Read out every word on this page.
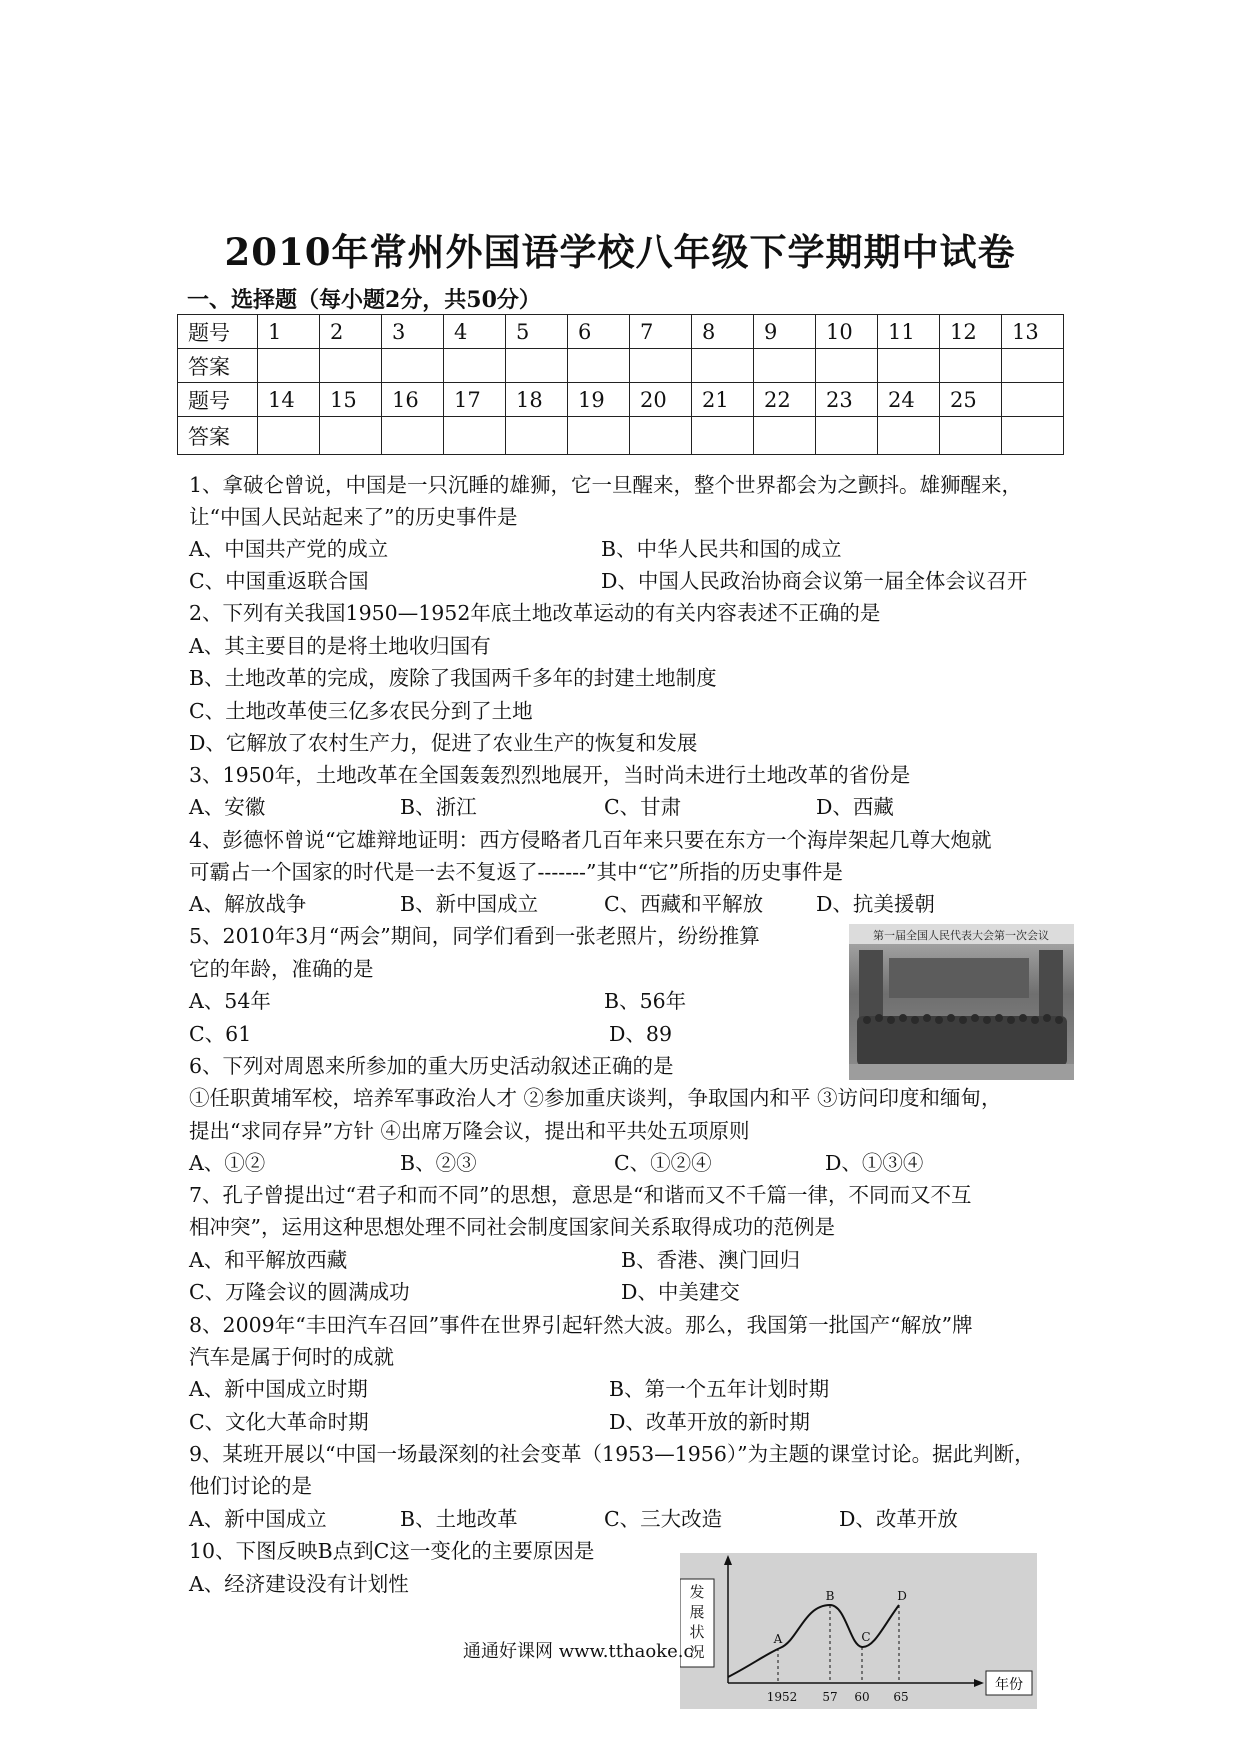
2010年常州外国语学校八年级下学期期中试卷
一、选择题（每小题2分，共50分）
题号	1	2	3	4	5	6	7	8	9	10	11	12	13
答案													
题号	14	15	16	17	18	19	20	21	22	23	24	25	
答案													
1、拿破仑曾说，中国是一只沉睡的雄狮，它一旦醒来，整个世界都会为之颤抖。雄狮醒来，
让“中国人民站起来了”的历史事件是
A、中国共产党的成立	B、中华人民共和国的成立
C、中国重返联合国	D、中国人民政治协商会议第一届全体会议召开
2、下列有关我国1950—1952年底土地改革运动的有关内容表述不正确的是
A、其主要目的是将土地收归国有
B、土地改革的完成，废除了我国两千多年的封建土地制度
C、土地改革使三亿多农民分到了土地
D、它解放了农村生产力，促进了农业生产的恢复和发展
3、1950年，土地改革在全国轰轰烈烈地展开，当时尚未进行土地改革的省份是
A、安徽	B、浙江	C、甘肃	D、西藏
4、彭德怀曾说“它雄辩地证明：西方侵略者几百年来只要在东方一个海岸架起几尊大炮就
可霸占一个国家的时代是一去不复返了-------”其中“它”所指的历史事件是
A、解放战争	B、新中国成立	C、西藏和平解放	D、抗美援朝
5、2010年3月“两会”期间，同学们看到一张老照片，纷纷推算
它的年龄，准确的是
A、54年	B、56年
C、61	D、89
6、下列对周恩来所参加的重大历史活动叙述正确的是
①任职黄埔军校，培养军事政治人才 ②参加重庆谈判，争取国内和平 ③访问印度和缅甸，
提出“求同存异”方针 ④出席万隆会议，提出和平共处五项原则
A、①②	B、②③	C、①②④	D、①③④
7、孔子曾提出过“君子和而不同”的思想，意思是“和谐而又不千篇一律，不同而又不互
相冲突”，运用这种思想处理不同社会制度国家间关系取得成功的范例是
A、和平解放西藏	B、香港、澳门回归
C、万隆会议的圆满成功	D、中美建交
8、2009年“丰田汽车召回”事件在世界引起轩然大波。那么，我国第一批国产“解放”牌
汽车是属于何时的成就
A、新中国成立时期	B、第一个五年计划时期
C、文化大革命时期	D、改革开放的新时期
9、某班开展以“中国一场最深刻的社会变革（1953—1956）”为主题的课堂讨论。据此判断，
他们讨论的是
A、新中国成立	B、土地改革	C、三大改造	D、改革开放
10、下图反映B点到C这一变化的主要原因是
A、经济建设没有计划性
第一届全国人民代表大会第一次会议
发
展
状
况
年份
A
B
C
D
1952 57 60 65
通通好课网 www.tthaoke.c
